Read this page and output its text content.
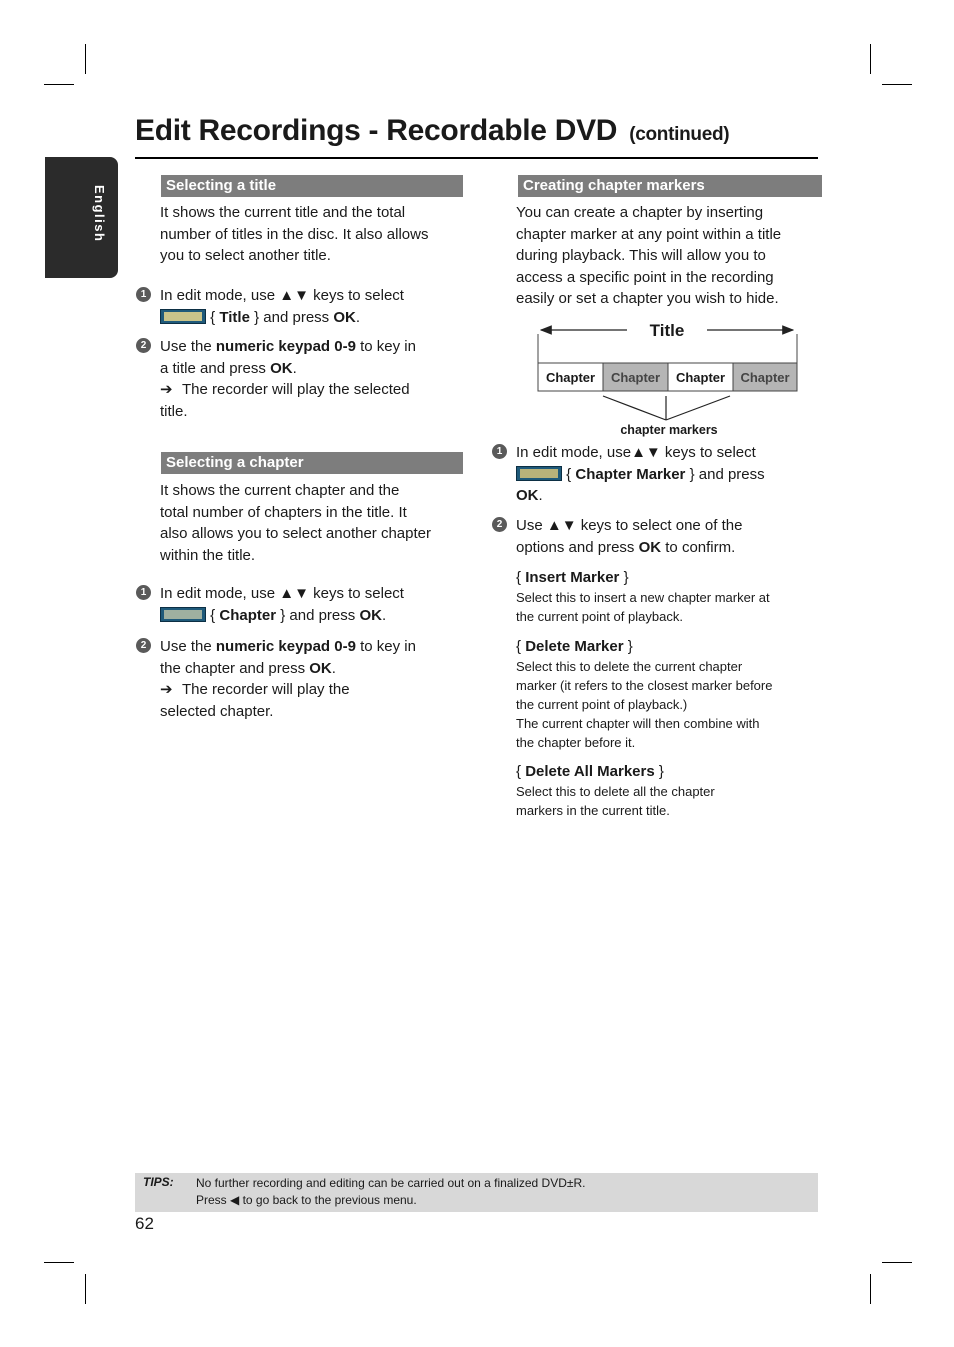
Edit Recordings - Recordable DVD (continued)
English	Selecting a title
It shows the current title and the total
number of titles in the disc. It also allows
you to select another title.
1 In edit mode, use ▲▼ keys to select
{ Title } and press OK.
2 Use the numeric keypad 0-9 to key in
a title and press OK.
➔ The recorder will play the selected
title.
Selecting a chapter
It shows the current chapter and the
total number of chapters in the title. It
also allows you to select another chapter
within the title.
1 In edit mode, use ▲▼ keys to select
{ Chapter } and press OK.
2 Use the numeric keypad 0-9 to key in
the chapter and press OK.
➔ The recorder will play the
selected chapter.
Creating chapter markers
You can create a chapter by inserting
chapter marker at any point within a title
during playback. This will allow you to
access a specific point in the recording
easily or set a chapter you wish to hide.
Title
Chapter Chapter Chapter Chapter
chapter markers
1 In edit mode, use▲▼ keys to select
{ Chapter Marker } and press
OK.
2 Use ▲▼ keys to select one of the
options and press OK to confirm.
{ Insert Marker }
Select this to insert a new chapter marker at
the current point of playback.
{ Delete Marker }
Select this to delete the current chapter
marker (it refers to the closest marker before
the current point of playback.)
The current chapter will then combine with
the chapter before it.
{ Delete All Markers }
Select this to delete all the chapter
markers in the current title.
TIPS: No further recording and editing can be carried out on a finalized DVD±R.
Press ◀ to go back to the previous menu.
62
